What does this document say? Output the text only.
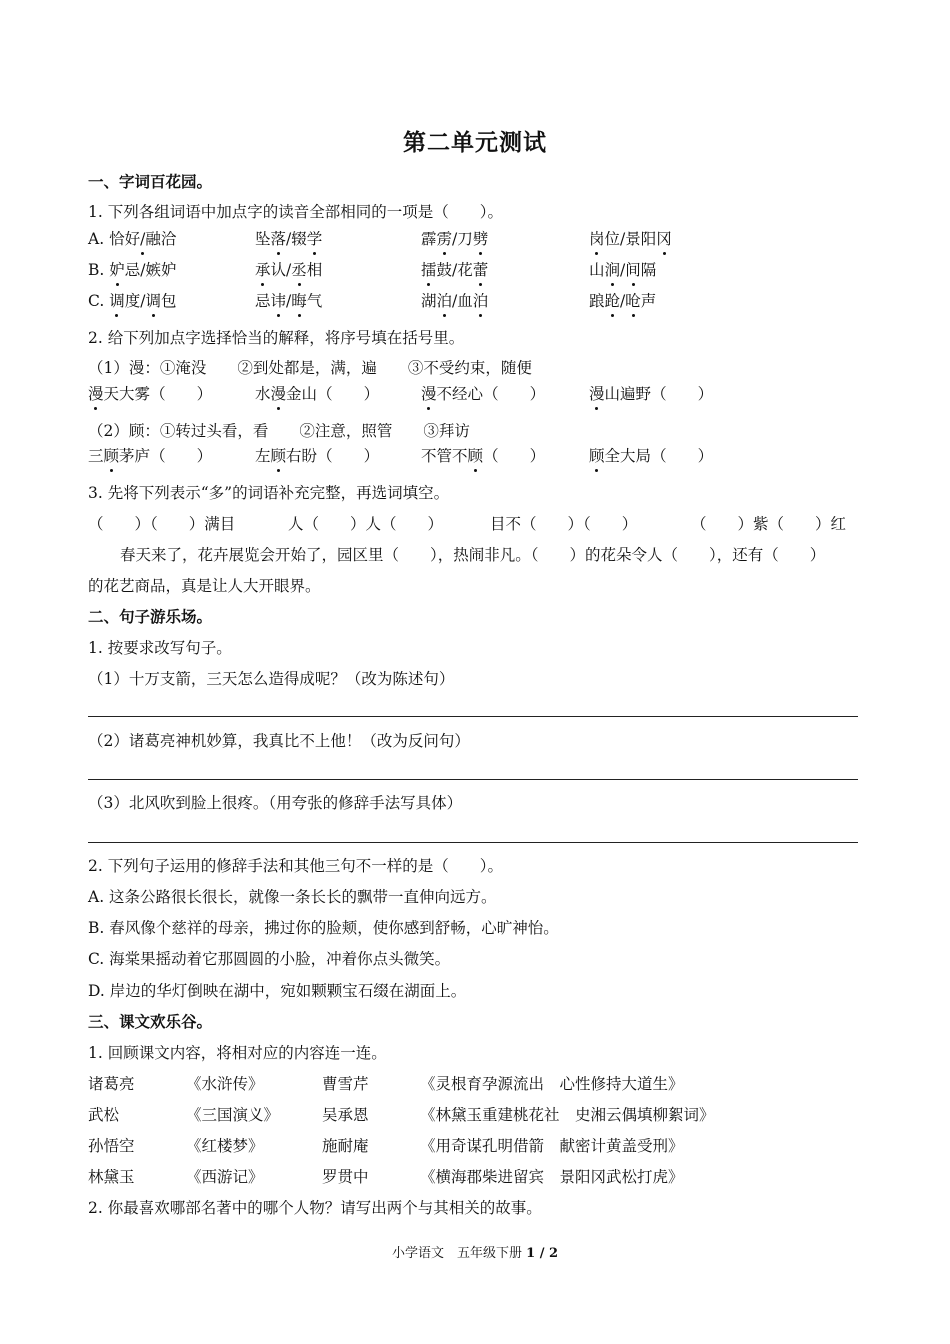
第二单元测试
一、字词百花园。
1. 下列各组词语中加点字的读音全部相同的一项是（　　）。
A. 恰好/融洽	坠落/辍学	霹雳/刀劈	岗位/景阳冈
B. 妒忌/嫉妒	承认/丞相	擂鼓/花蕾	山涧/间隔
C. 调度/调包	忌讳/晦气	湖泊/血泊	踉跄/呛声
2. 给下列加点字选择恰当的解释，将序号填在括号里。
（1）漫：①淹没　　②到处都是，满，遍　　③不受约束，随便
漫天大雾（　　 ）	水漫金山（　　 ）	漫不经心（　　 ）	漫山遍野（　　 ）
（2）顾：①转过头看，看　　②注意，照管　　③拜访
三顾茅庐（　　 ）	左顾右盼（　　 ）	不管不顾（　　 ）	顾全大局（　　 ）
3. 先将下列表示“多”的词语补充完整，再选词填空。
（　　）（　　）满目	人（　　）人（　　）	目不（　　）（　　）	（　　）紫（　　）红
春天来了，花卉展览会开始了，园区里（　　），热闹非凡。（　　）的花朵令人（　　），还有（　　）
的花艺商品，真是让人大开眼界。
二、句子游乐场。
1. 按要求改写句子。
（1）十万支箭，三天怎么造得成呢？（改为陈述句）
（2）诸葛亮神机妙算，我真比不上他！（改为反问句）
（3）北风吹到脸上很疼。（用夸张的修辞手法写具体）
2. 下列句子运用的修辞手法和其他三句不一样的是（　　）。
A. 这条公路很长很长，就像一条长长的飘带一直伸向远方。
B. 春风像个慈祥的母亲，拂过你的脸颊，使你感到舒畅，心旷神怡。
C. 海棠果摇动着它那圆圆的小脸，冲着你点头微笑。
D. 岸边的华灯倒映在湖中，宛如颗颗宝石缀在湖面上。
三、课文欢乐谷。
1. 回顾课文内容，将相对应的内容连一连。
诸葛亮	《水浒传》	曹雪芹	《灵根育孕源流出　心性修持大道生》
武松	《三国演义》	吴承恩	《林黛玉重建桃花社　史湘云偶填柳絮词》
孙悟空	《红楼梦》	施耐庵	《用奇谋孔明借箭　献密计黄盖受刑》
林黛玉	《西游记》	罗贯中	《横海郡柴进留宾　景阳冈武松打虎》
2. 你最喜欢哪部名著中的哪个人物？请写出两个与其相关的故事。
小学语文　五年级下册 1 / 2
